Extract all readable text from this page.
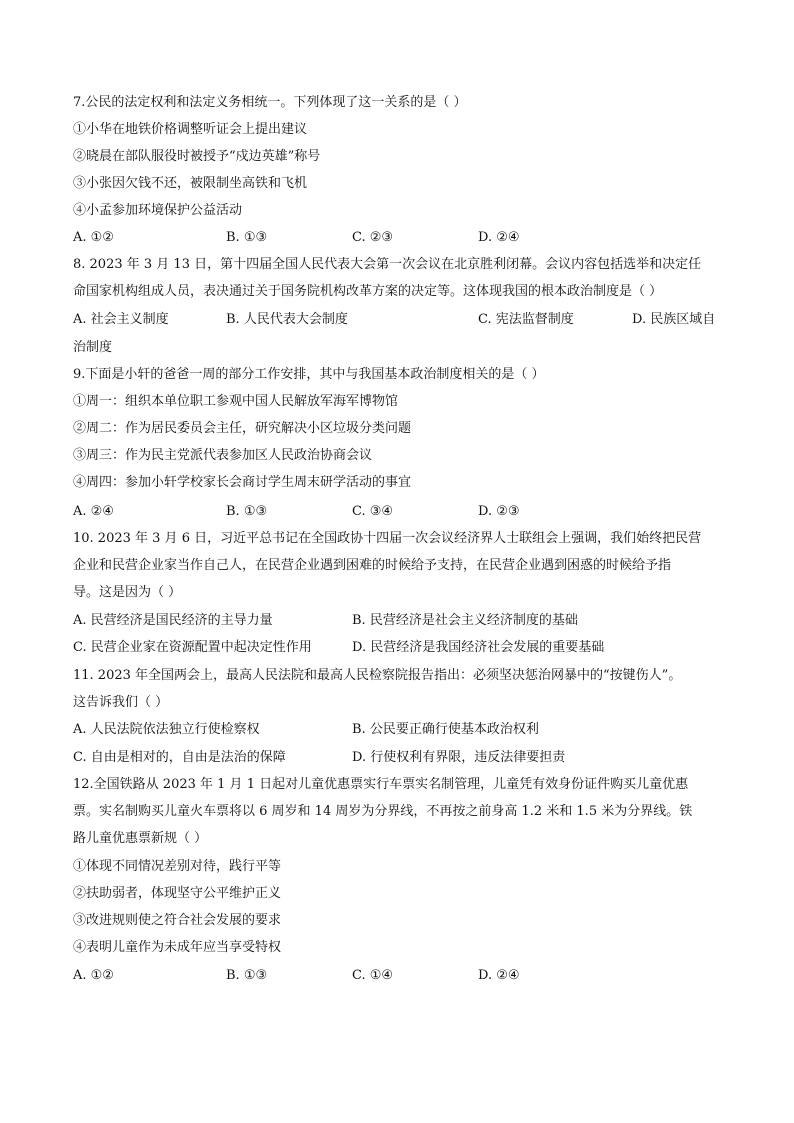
7.公民的法定权利和法定义务相统一。下列体现了这一关系的是（ ）
①小华在地铁价格调整听证会上提出建议
②晓晨在部队服役时被授予“戍边英雄”称号
③小张因欠钱不还，被限制坐高铁和飞机
④小孟参加环境保护公益活动
A. ①②	B. ①③	C. ②③	D. ②④
8. 2023 年 3 月 13 日，第十四届全国人民代表大会第一次会议在北京胜利闭幕。会议内容包括选举和决定任
命国家机构组成人员，表决通过关于国务院机构改革方案的决定等。这体现我国的根本政治制度是（ ）
A. 社会主义制度	B. 人民代表大会制度	C. 宪法监督制度	D. 民族区域自
治制度
9.下面是小轩的爸爸一周的部分工作安排，其中与我国基本政治制度相关的是（ ）
①周一：组织本单位职工参观中国人民解放军海军博物馆
②周二：作为居民委员会主任，研究解决小区垃圾分类问题
③周三：作为民主党派代表参加区人民政治协商会议
④周四：参加小轩学校家长会商讨学生周末研学活动的事宜
A. ②④	B. ①③	C. ③④	D. ②③
10. 2023 年 3 月 6 日，习近平总书记在全国政协十四届一次会议经济界人士联组会上强调，我们始终把民营
企业和民营企业家当作自己人，在民营企业遇到困难的时候给予支持，在民营企业遇到困惑的时候给予指
导。这是因为（ ）
A. 民营经济是国民经济的主导力量	B. 民营经济是社会主义经济制度的基础
C. 民营企业家在资源配置中起决定性作用	D. 民营经济是我国经济社会发展的重要基础
11. 2023 年全国两会上，最高人民法院和最高人民检察院报告指出：必须坚决惩治网暴中的“按键伤人”。
这告诉我们（ ）
A. 人民法院依法独立行使检察权	B. 公民要正确行使基本政治权利
C. 自由是相对的，自由是法治的保障	D. 行使权利有界限，违反法律要担责
12.全国铁路从 2023 年 1 月 1 日起对儿童优惠票实行车票实名制管理，儿童凭有效身份证件购买儿童优惠
票。实名制购买儿童火车票将以 6 周岁和 14 周岁为分界线，不再按之前身高 1.2 米和 1.5 米为分界线。铁
路儿童优惠票新规（ ）
①体现不同情况差别对待，践行平等
②扶助弱者，体现坚守公平维护正义
③改进规则使之符合社会发展的要求
④表明儿童作为未成年应当享受特权
A. ①②	B. ①③	C. ①④	D. ②④
